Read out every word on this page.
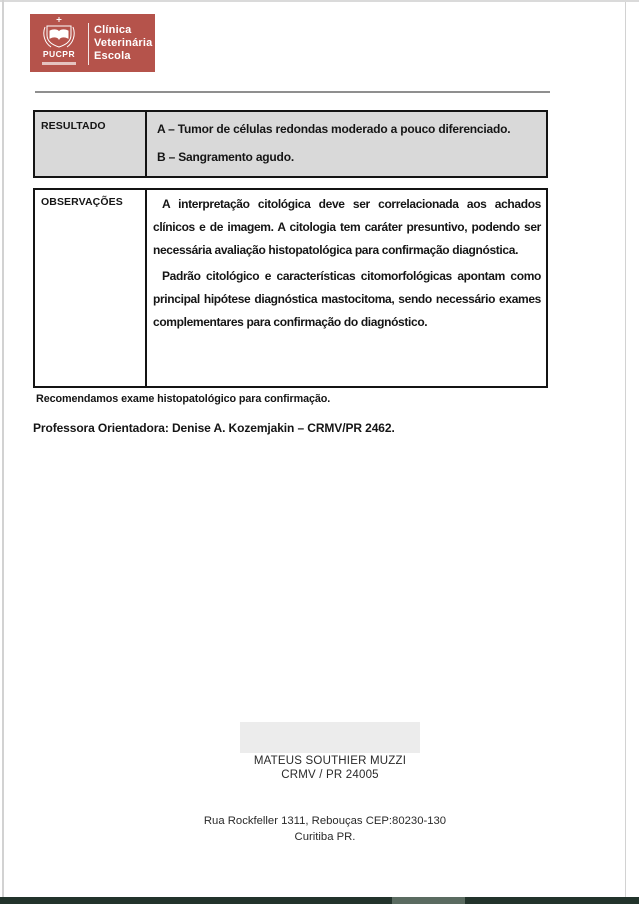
PUCPR
Clínica
Veterinária
Escola
RESULTADO	A – Tumor de células redondas moderado a pouco diferenciado.
B – Sangramento agudo.
OBSERVAÇÕES	A interpretação citológica deve ser correlacionada aos achados clínicos e de imagem. A citologia tem caráter presuntivo, podendo ser necessária avaliação histopatológica para confirmação diagnóstica.

Padrão citológico e características citomorfológicas apontam como principal hipótese diagnóstica mastocitoma, sendo necessário exames complementares para confirmação do diagnóstico.

Recomendamos exame histopatológico para confirmação.
Professora Orientadora: Denise A. Kozemjakin – CRMV/PR 2462.
MATEUS SOUTHIER MUZZI
CRMV / PR 24005
Rua Rockfeller 1311, Rebouças CEP:80230-130
Curitiba PR.
